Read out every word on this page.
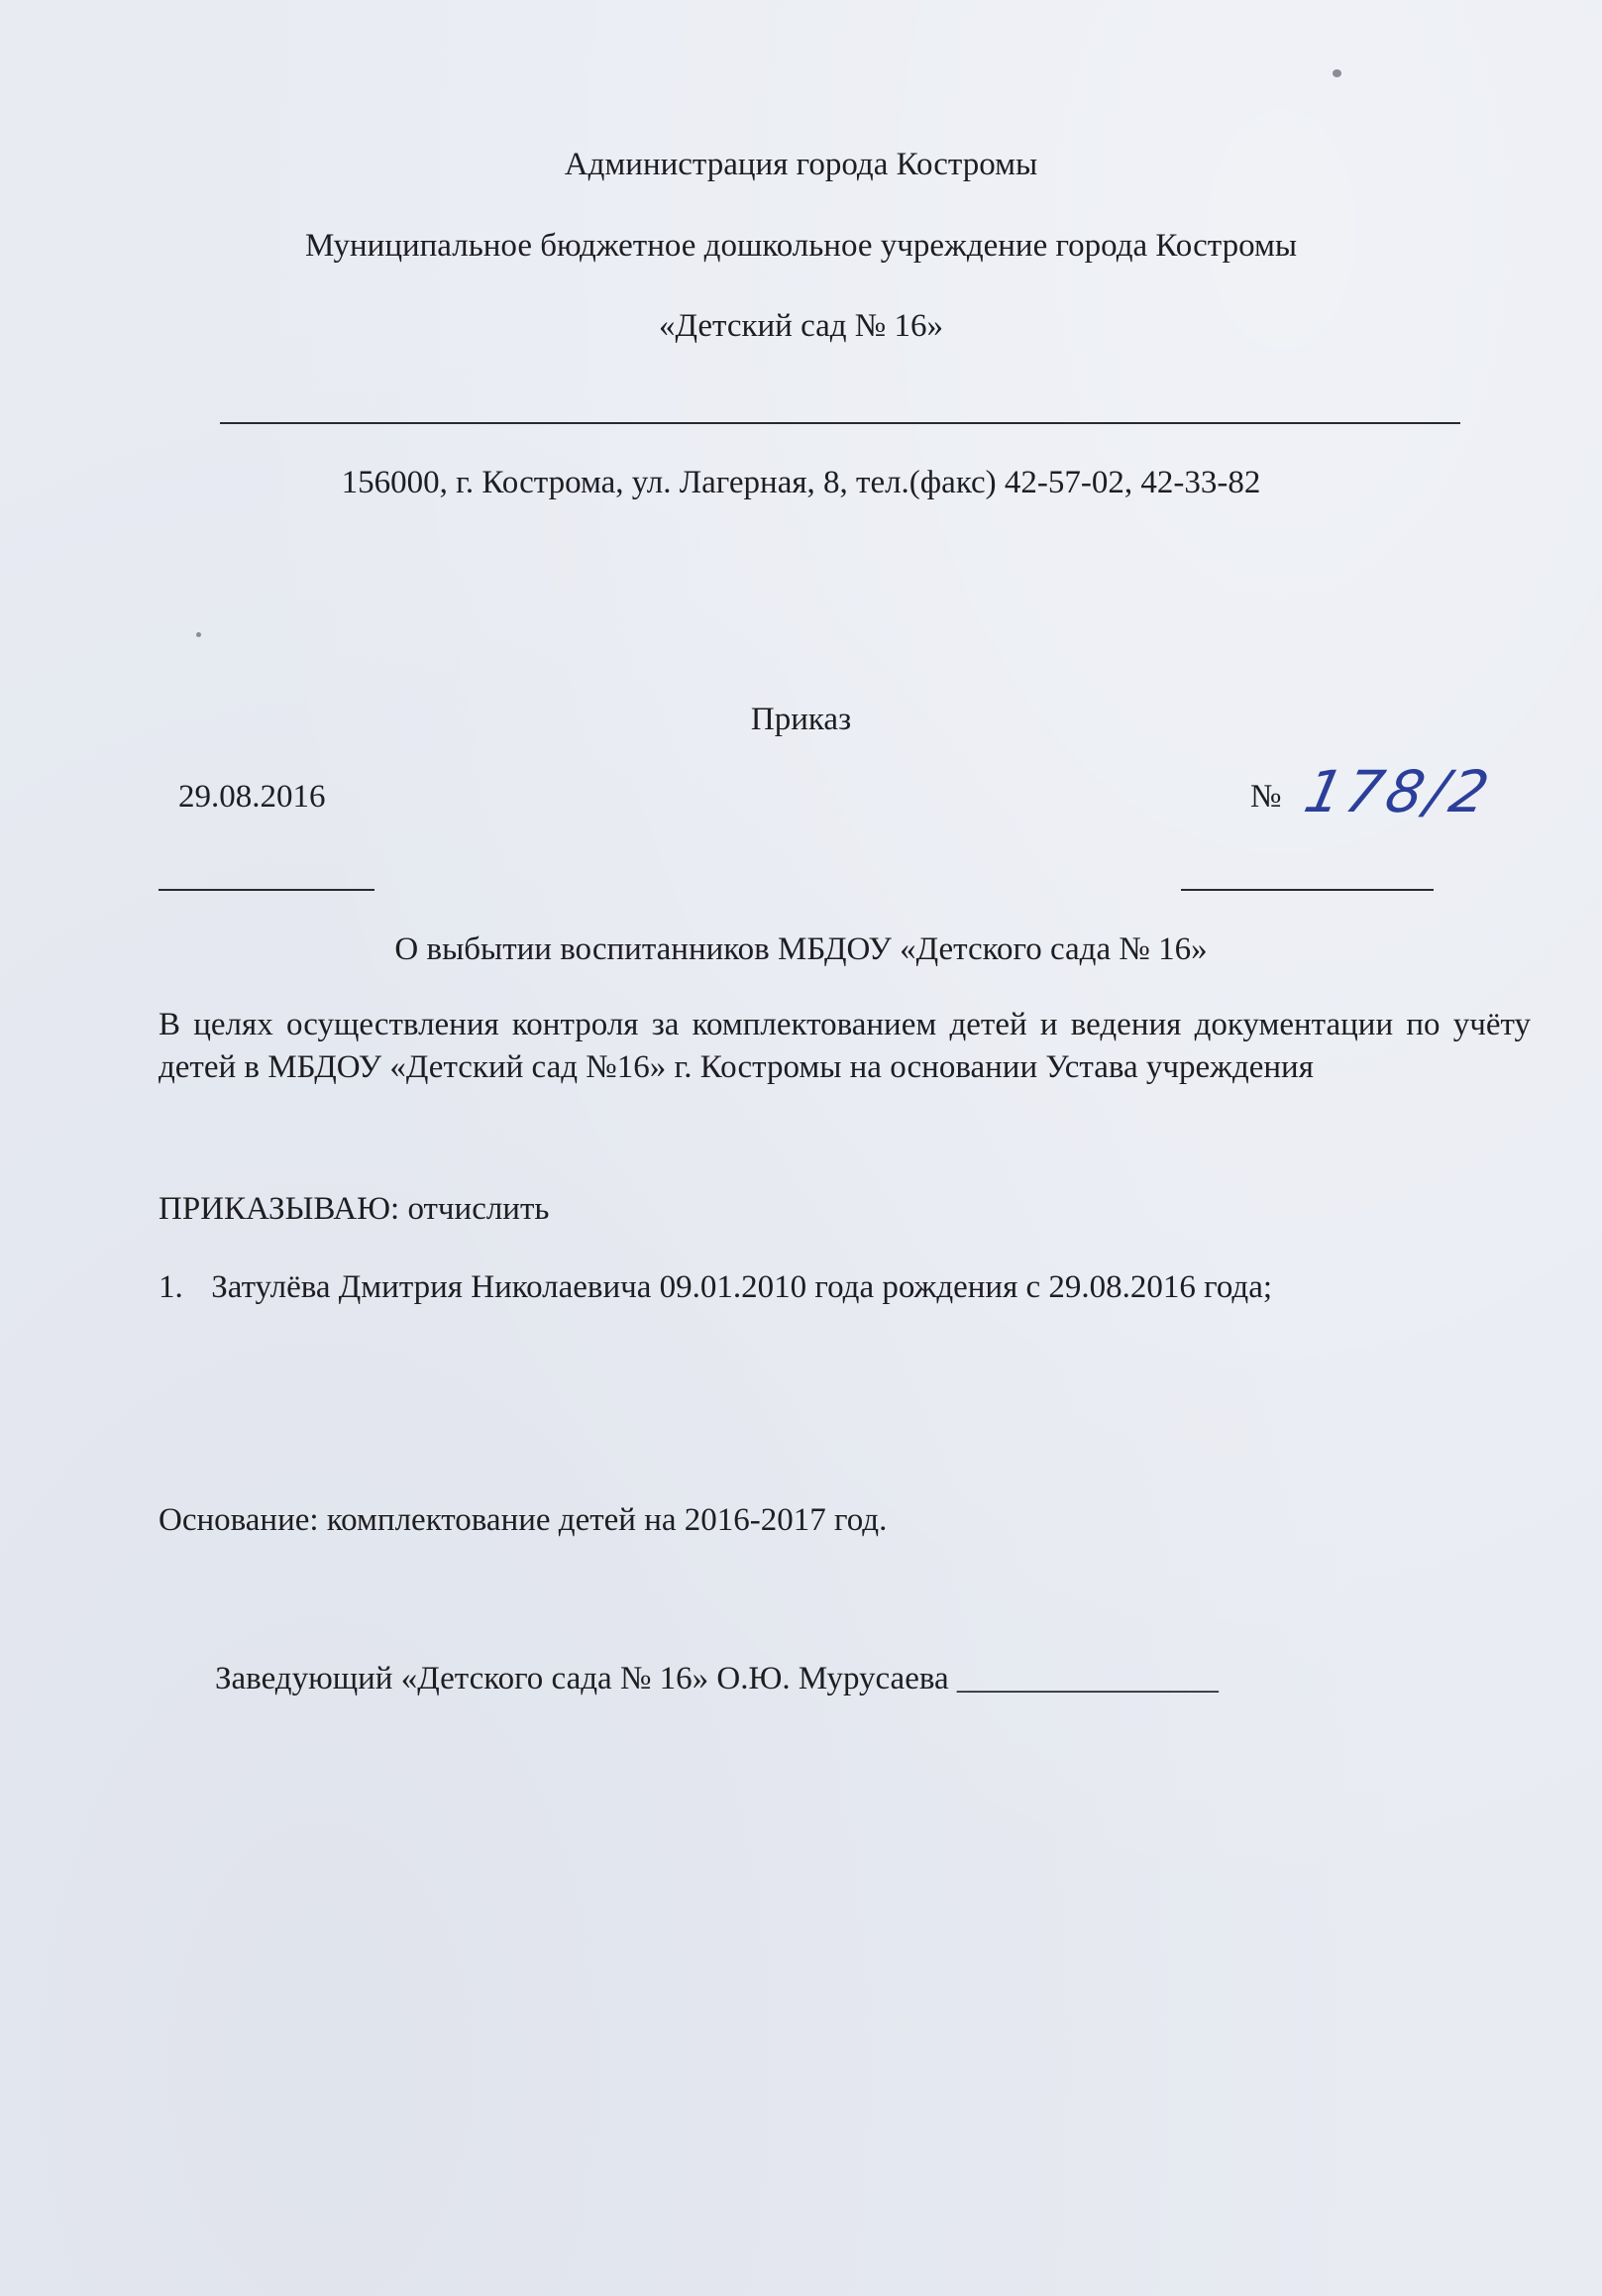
Администрация города Костромы
Муниципальное бюджетное дошкольное учреждение города Костромы
«Детский сад № 16»
156000, г. Кострома, ул. Лагерная, 8, тел.(факс) 42-57-02, 42-33-82
Приказ
29.08.2016	№ 178/2
О выбытии воспитанников МБДОУ «Детского сада № 16»
В целях осуществления контроля за комплектованием детей и ведения документации по учёту детей в МБДОУ «Детский сад №16» г. Костромы на основании Устава учреждения
ПРИКАЗЫВАЮ: отчислить
1. Затулёва Дмитрия Николаевича 09.01.2010 года рождения с 29.08.2016 года;
Основание: комплектование детей на 2016-2017 год.
Заведующий «Детского сада № 16» О.Ю. Мурусаева ________________
